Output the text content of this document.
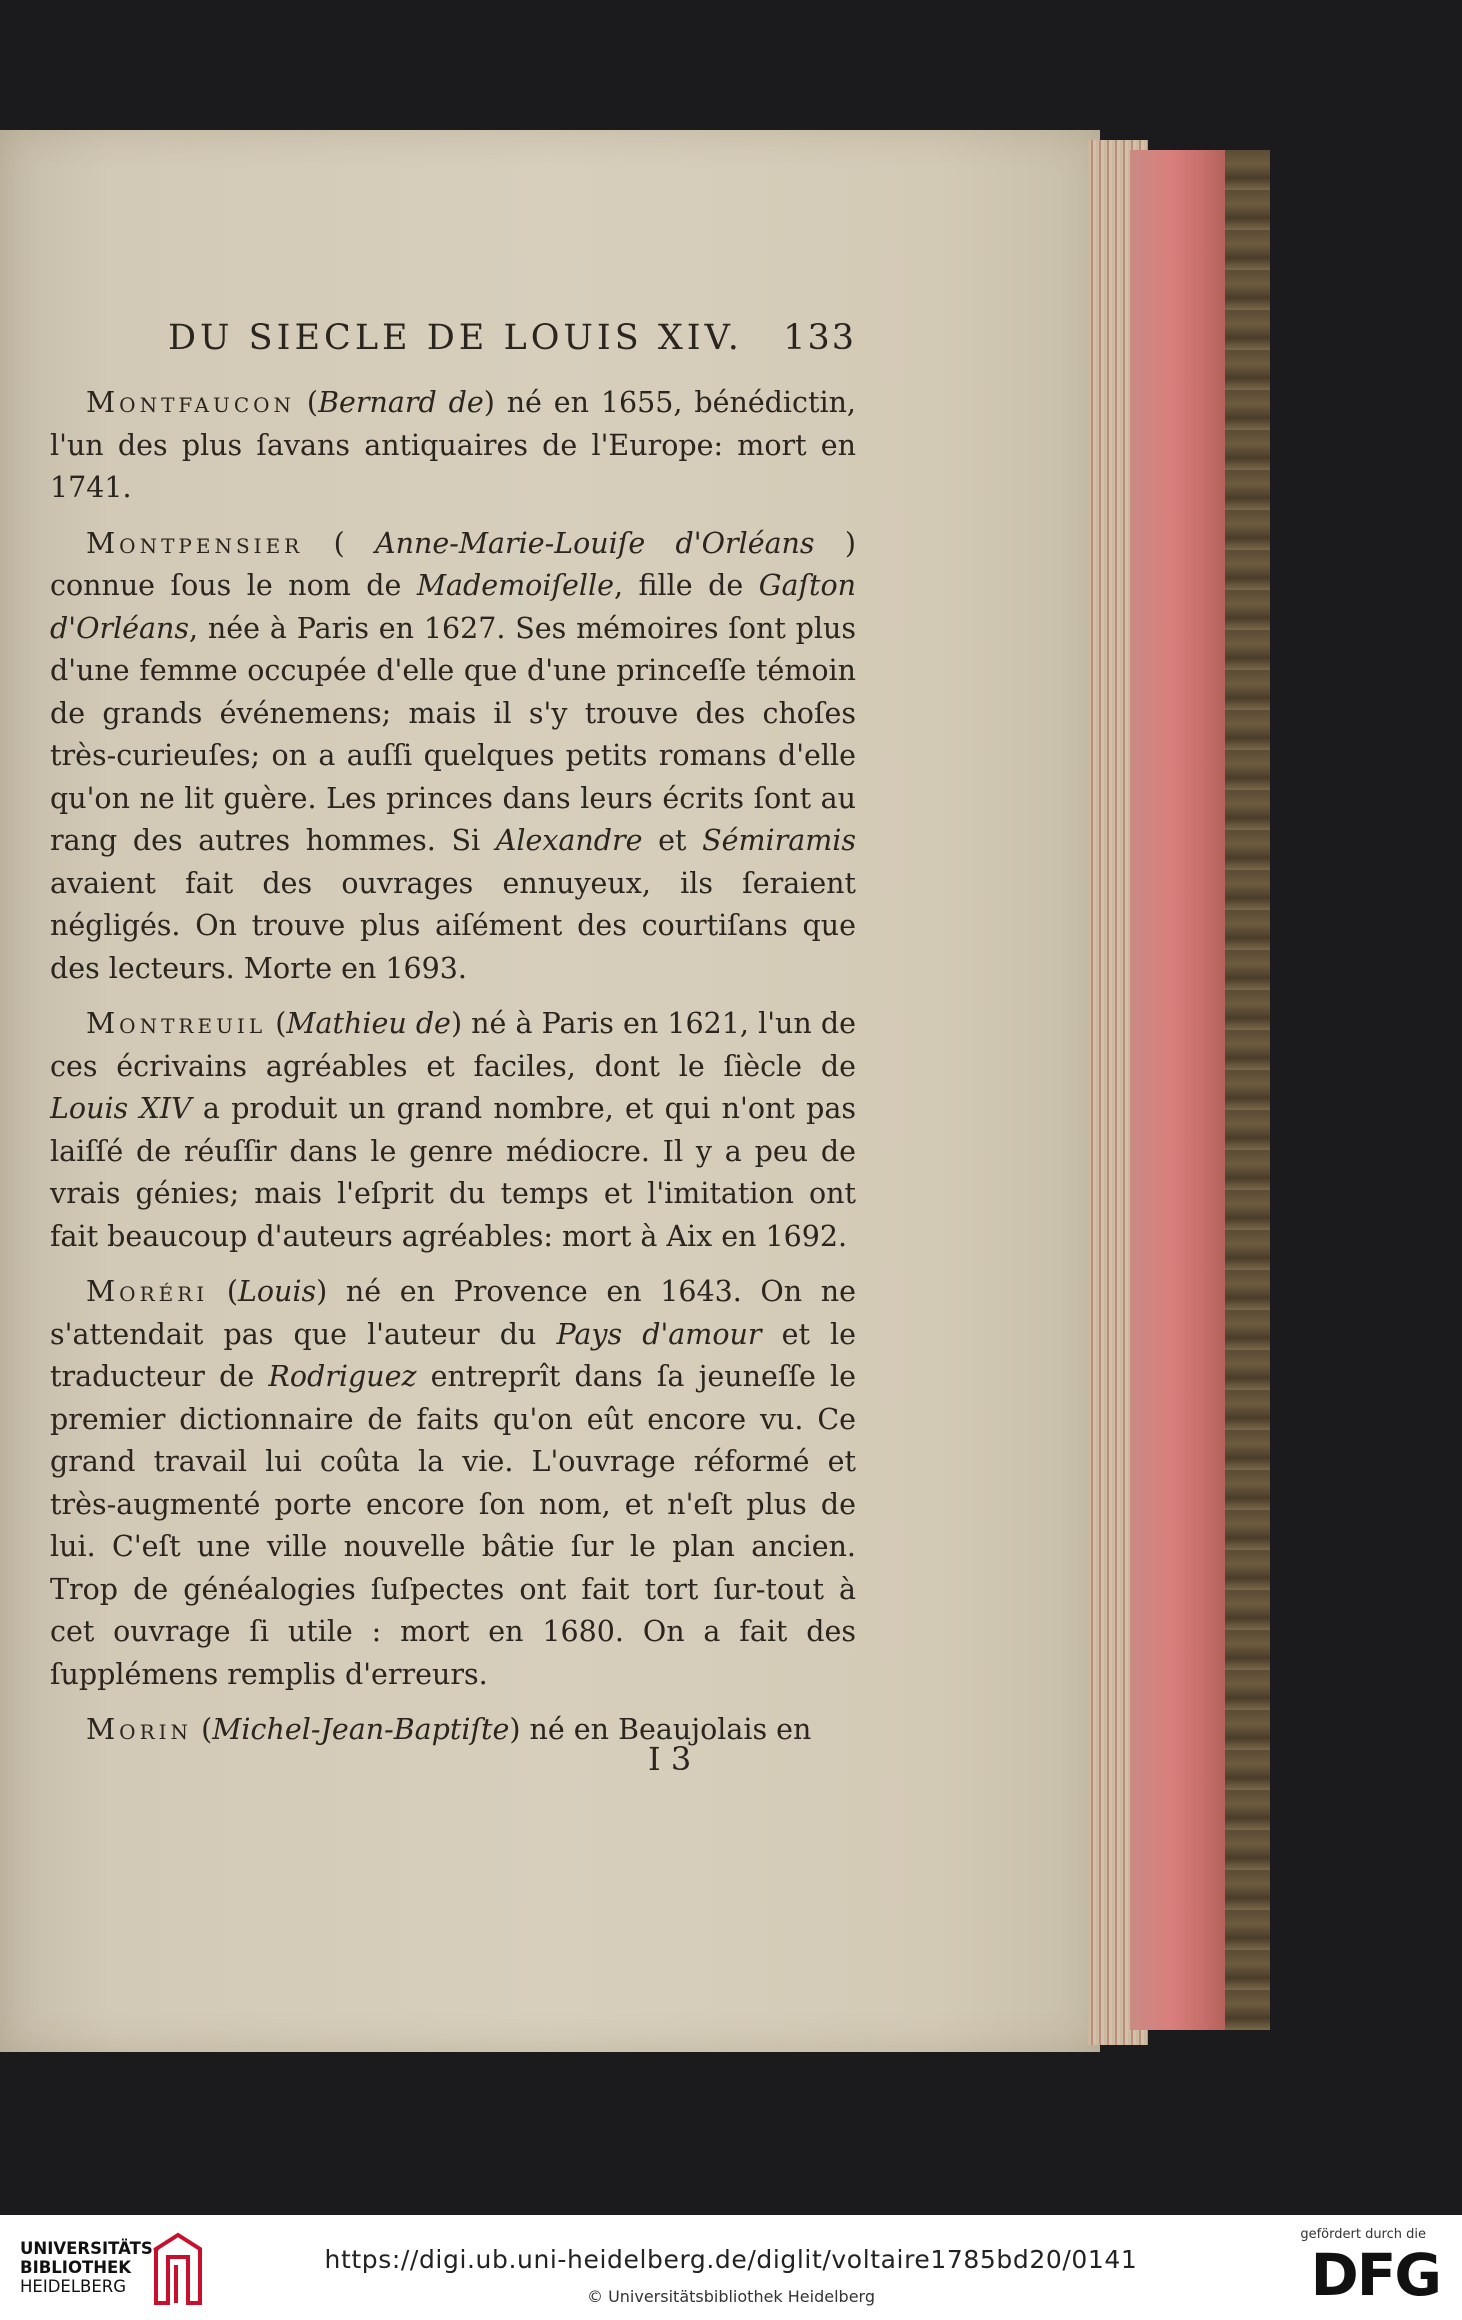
DU SIECLE DE LOUIS XIV. 133
Montfaucon (Bernard de) né en 1655, bénédictin, l'un des plus ſavans antiquaires de l'Europe: mort en 1741.
Montpensier ( Anne-Marie-Louiſe d'Orléans ) connue ſous le nom de Mademoiſelle, fille de Gaſton d'Orléans, née à Paris en 1627. Ses mémoires ſont plus d'une femme occupée d'elle que d'une princeſſe témoin de grands événemens; mais il s'y trouve des choſes très-curieuſes; on a auſſi quelques petits romans d'elle qu'on ne lit guère. Les princes dans leurs écrits ſont au rang des autres hommes. Si Alexandre et Sémiramis avaient fait des ouvrages ennuyeux, ils ſeraient négligés. On trouve plus aiſément des courtiſans que des lecteurs. Morte en 1693.
Montreuil (Mathieu de) né à Paris en 1621, l'un de ces écrivains agréables et faciles, dont le ſiècle de Louis XIV a produit un grand nombre, et qui n'ont pas laiſſé de réuſſir dans le genre médiocre. Il y a peu de vrais génies; mais l'eſprit du temps et l'imitation ont fait beaucoup d'auteurs agréables: mort à Aix en 1692.
Moréri (Louis) né en Provence en 1643. On ne s'attendait pas que l'auteur du Pays d'amour et le traducteur de Rodriguez entreprît dans ſa jeuneſſe le premier dictionnaire de faits qu'on eût encore vu. Ce grand travail lui coûta la vie. L'ouvrage réformé et très-augmenté porte encore ſon nom, et n'eſt plus de lui. C'eſt une ville nouvelle bâtie ſur le plan ancien. Trop de généalogies ſuſpectes ont fait tort ſur-tout à cet ouvrage ſi utile : mort en 1680. On a fait des ſupplémens remplis d'erreurs.
Morin (Michel-Jean-Baptiſte) né en Beaujolais en
I 3
UNIVERSITÄTS-
BIBLIOTHEK
HEIDELBERG
https://digi.ub.uni-heidelberg.de/diglit/voltaire1785bd20/0141
© Universitätsbibliothek Heidelberg
gefördert durch die
DFG
